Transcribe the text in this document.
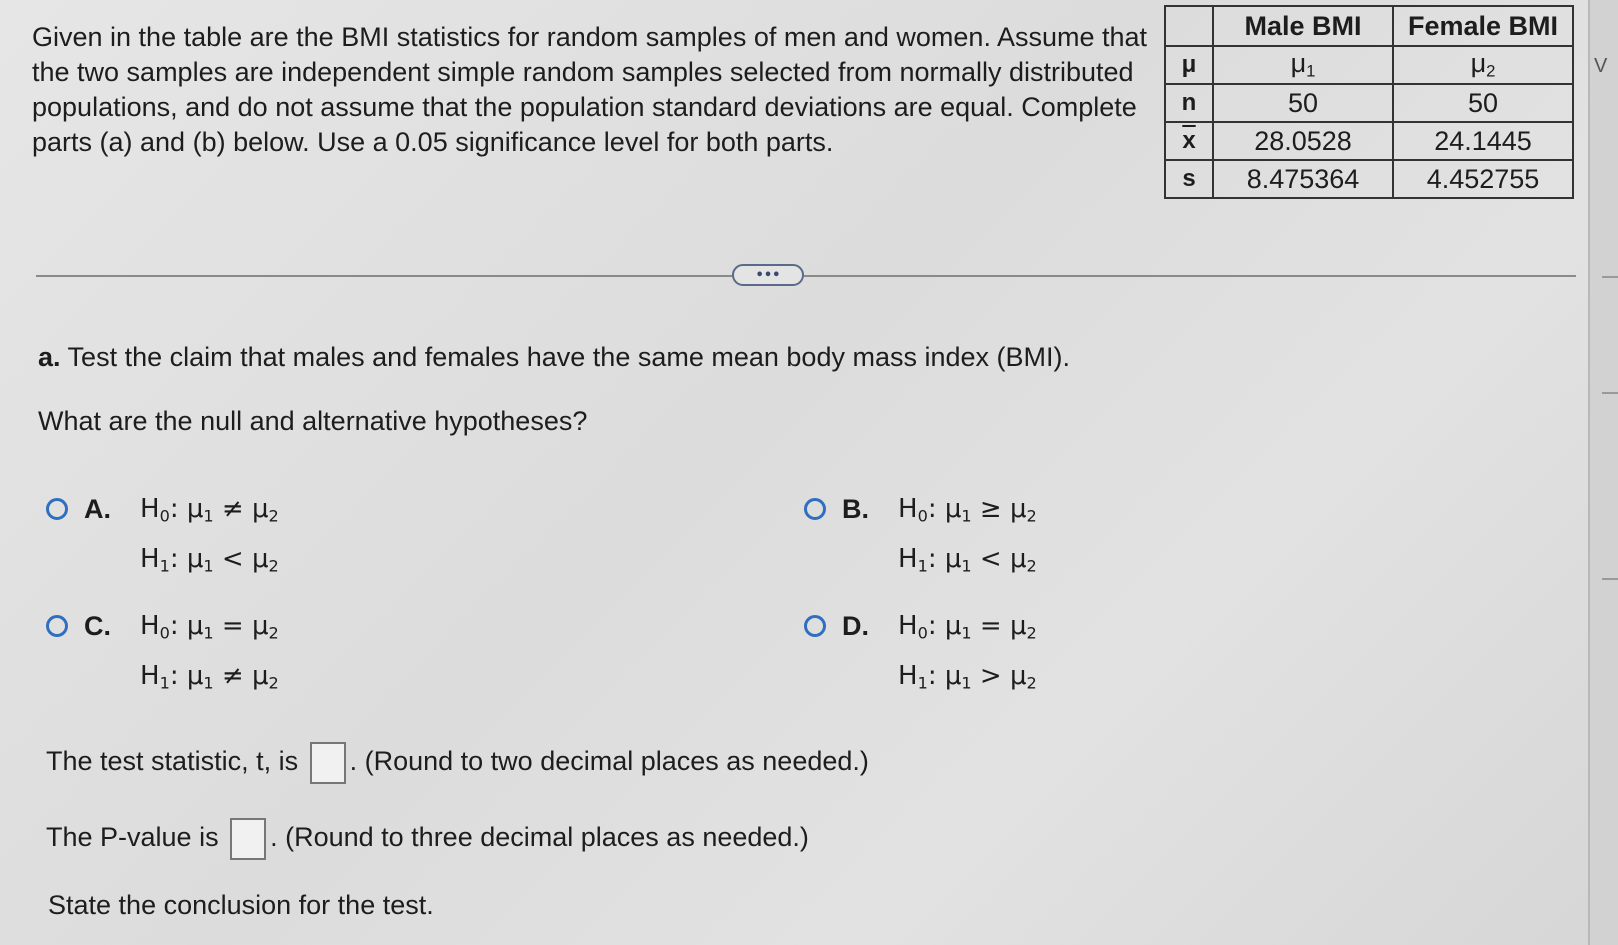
Given in the table are the BMI statistics for random samples of men and women. Assume that the two samples are independent simple random samples selected from normally distributed populations, and do not assume that the population standard deviations are equal. Complete parts (a) and (b) below. Use a 0.05 significance level for both parts.

	Male BMI	Female BMI
μ	$\mu_1$	$\mu_2$
n	50	50
$\overline{x}$	28.0528	24.1445
s	8.475364	4.452755
•••
V
a. Test the claim that males and females have the same mean body mass index (BMI).
What are the null and alternative hypotheses?
A. $H_0$: $\mu_1 \ne \mu_2$
$H_1$: $\mu_1 < \mu_2$
B. $H_0$: $\mu_1 \ge \mu_2$
$H_1$: $\mu_1 < \mu_2$
C. $H_0$: $\mu_1 = \mu_2$
$H_1$: $\mu_1 \ne \mu_2$
D. $H_0$: $\mu_1 = \mu_2$
$H_1$: $\mu_1 > \mu_2$
The test statistic, t, is . (Round to two decimal places as needed.)
The P-value is . (Round to three decimal places as needed.)
State the conclusion for the test.
